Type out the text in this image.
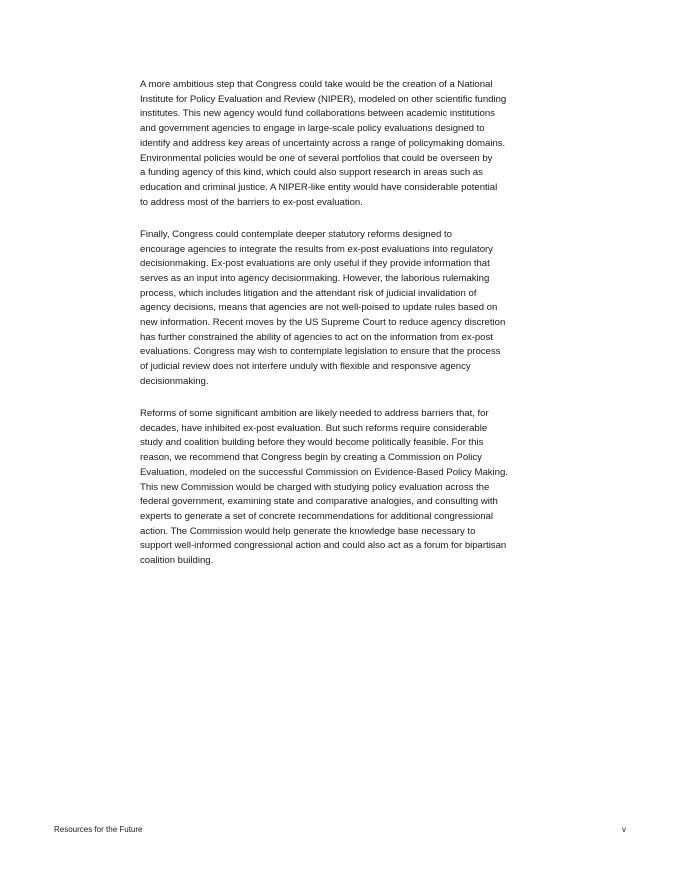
A more ambitious step that Congress could take would be the creation of a National
Institute for Policy Evaluation and Review (NIPER), modeled on other scientific funding
institutes. This new agency would fund collaborations between academic institutions
and government agencies to engage in large-scale policy evaluations designed to
identify and address key areas of uncertainty across a range of policymaking domains.
Environmental policies would be one of several portfolios that could be overseen by
a funding agency of this kind, which could also support research in areas such as
education and criminal justice. A NIPER-like entity would have considerable potential
to address most of the barriers to ex-post evaluation.

Finally, Congress could contemplate deeper statutory reforms designed to
encourage agencies to integrate the results from ex-post evaluations into regulatory
decisionmaking. Ex-post evaluations are only useful if they provide information that
serves as an input into agency decisionmaking. However, the laborious rulemaking
process, which includes litigation and the attendant risk of judicial invalidation of
agency decisions, means that agencies are not well-poised to update rules based on
new information. Recent moves by the US Supreme Court to reduce agency discretion
has further constrained the ability of agencies to act on the information from ex-post
evaluations. Congress may wish to contemplate legislation to ensure that the process
of judicial review does not interfere unduly with flexible and responsive agency
decisionmaking.

Reforms of some significant ambition are likely needed to address barriers that, for
decades, have inhibited ex-post evaluation. But such reforms require considerable
study and coalition building before they would become politically feasible. For this
reason, we recommend that Congress begin by creating a Commission on Policy
Evaluation, modeled on the successful Commission on Evidence-Based Policy Making.
This new Commission would be charged with studying policy evaluation across the
federal government, examining state and comparative analogies, and consulting with
experts to generate a set of concrete recommendations for additional congressional
action. The Commission would help generate the knowledge base necessary to
support well-informed congressional action and could also act as a forum for bipartisan
coalition building.

Resources for the Future	v
